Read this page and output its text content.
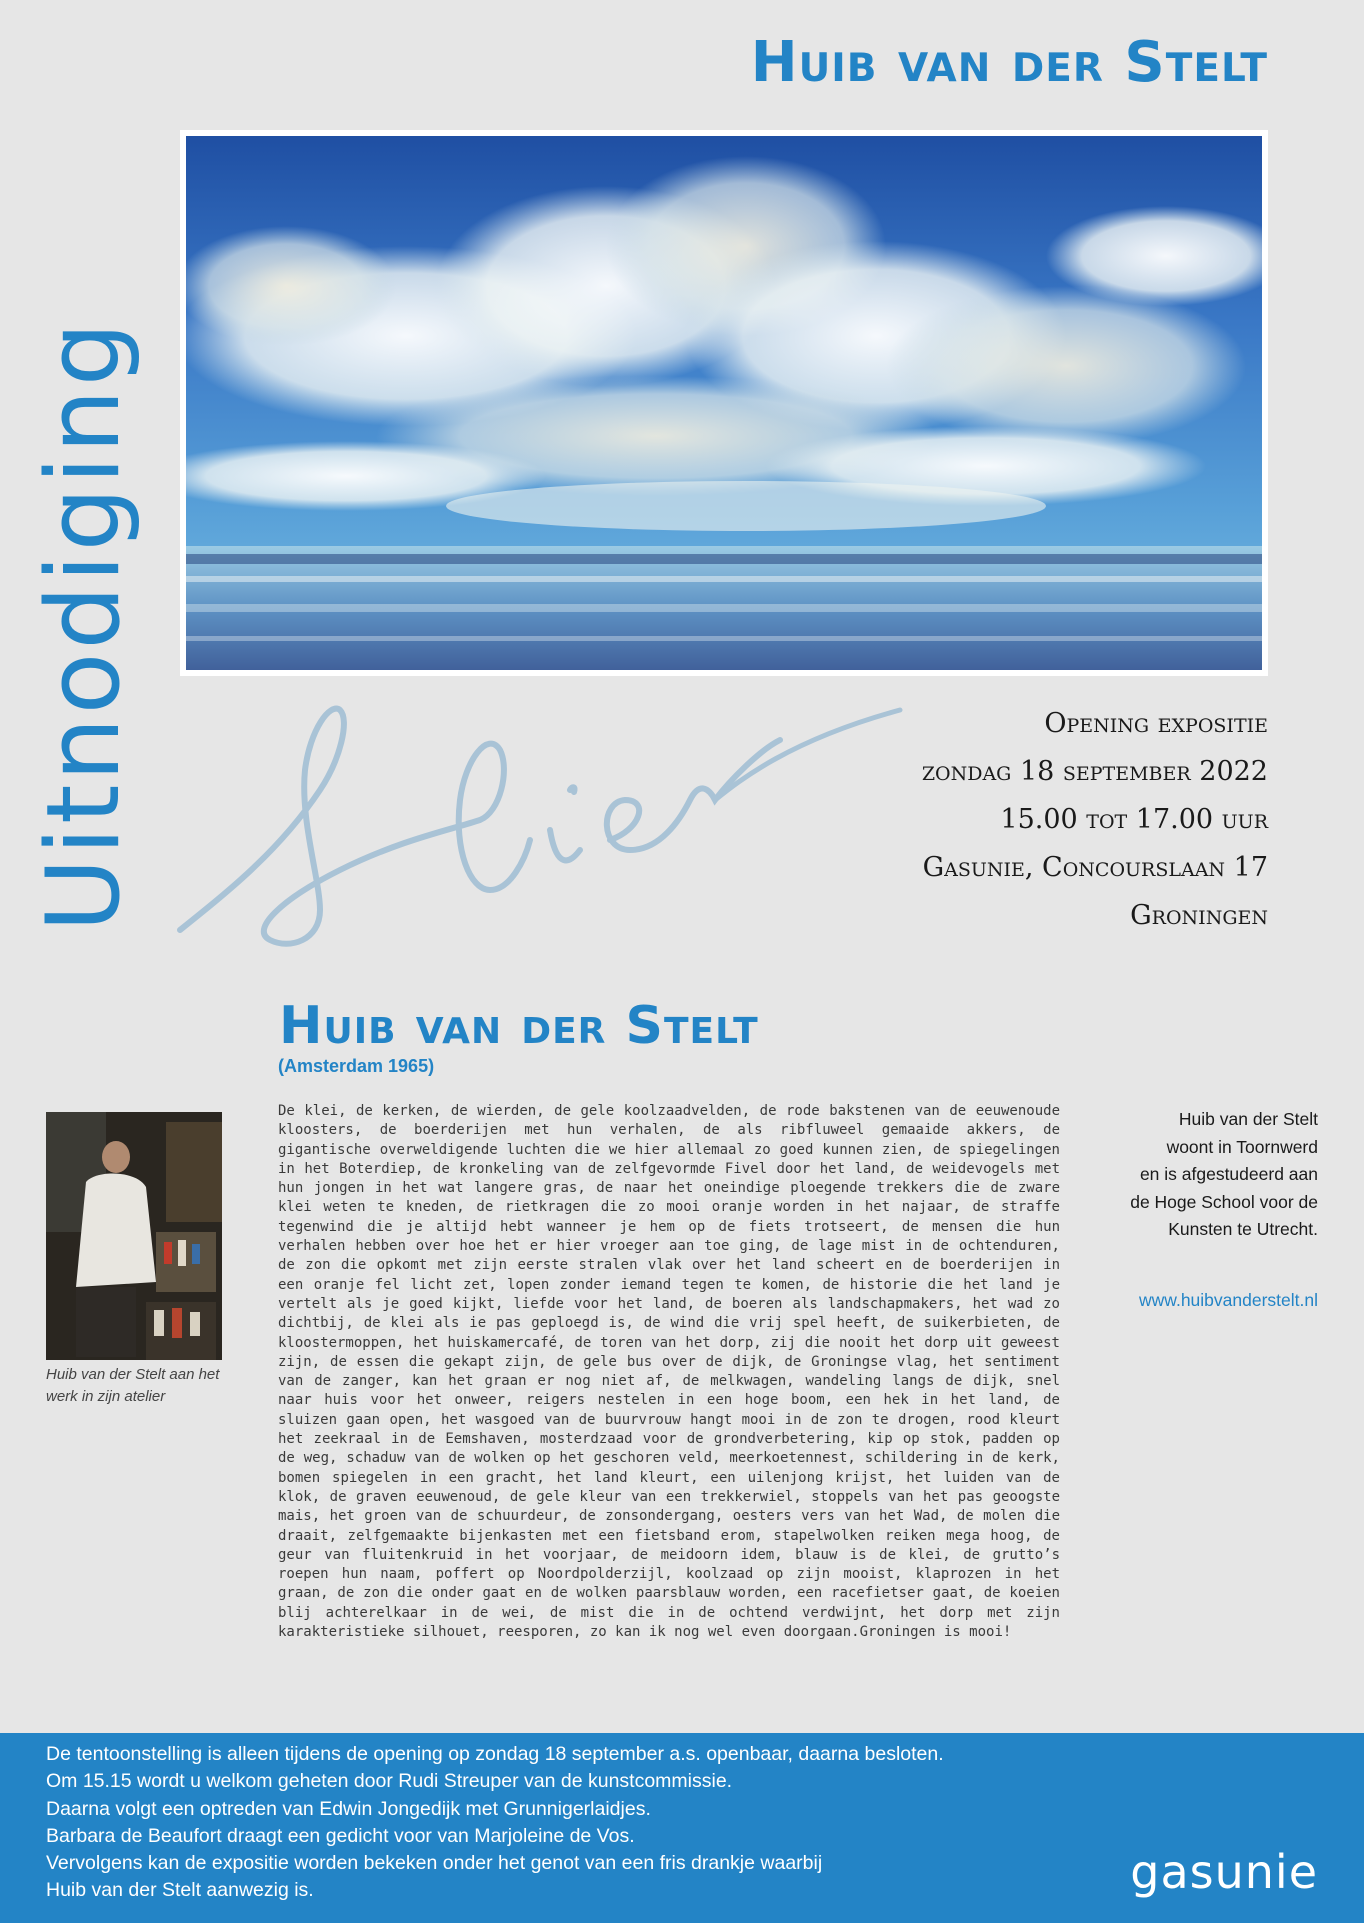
Uitnodiging
Huib van der Stelt
Opening expositie
zondag 18 september 2022
15.00 tot 17.00 uur
Gasunie, Concourslaan 17
Groningen
Huib van der Stelt
(Amsterdam 1965)
Huib van der Stelt aan het werk in zijn atelier
De klei, de kerken, de wierden, de gele koolzaadvelden, de rode bakstenen van de eeuwenoude kloosters, de boerderijen met hun verhalen, de als ribfluweel gemaaide akkers, de gigantische overweldigende luchten die we hier allemaal zo goed kunnen zien, de spiegelingen in het Boterdiep, de kronkeling van de zelfgevormde Fivel door het land, de weidevogels met hun jongen in het wat langere gras, de naar het oneindige ploegende trekkers die de zware klei weten te kneden, de rietkragen die zo mooi oranje worden in het najaar, de straffe tegenwind die je altijd hebt wanneer je hem op de fiets trotseert, de mensen die hun verhalen hebben over hoe het er hier vroeger aan toe ging, de lage mist in de ochtenduren, de zon die opkomt met zijn eerste stralen vlak over het land scheert en de boerderijen in een oranje fel licht zet, lopen zonder iemand tegen te komen, de historie die het land je vertelt als je goed kijkt, liefde voor het land, de boeren als landschapmakers, het wad zo dichtbij, de klei als ie pas geploegd is, de wind die vrij spel heeft, de suikerbieten, de kloostermoppen, het huiskamercafé, de toren van het dorp, zij die nooit het dorp uit geweest zijn, de essen die gekapt zijn, de gele bus over de dijk, de Groningse vlag, het sentiment van de zanger, kan het graan er nog niet af, de melkwagen, wandeling langs de dijk, snel naar huis voor het onweer, reigers nestelen in een hoge boom, een hek in het land, de sluizen gaan open, het wasgoed van de buurvrouw hangt mooi in de zon te drogen, rood kleurt het zeekraal in de Eemshaven, mosterdzaad voor de grondverbetering, kip op stok, padden op de weg, schaduw van de wolken op het geschoren veld, meerkoetennest, schildering in de kerk, bomen spiegelen in een gracht, het land kleurt, een uilenjong krijst, het luiden van de klok, de graven eeuwenoud, de gele kleur van een trekkerwiel, stoppels van het pas geoogste mais, het groen van de schuurdeur, de zonsondergang, oesters vers van het Wad, de molen die draait, zelfgemaakte bijenkasten met een fietsband erom, stapelwolken reiken mega hoog, de geur van fluitenkruid in het voorjaar, de meidoorn idem, blauw is de klei, de grutto’s roepen hun naam, poffert op Noordpolderzijl, koolzaad op zijn mooist, klaprozen in het graan, de zon die onder gaat en de wolken paarsblauw worden, een racefietser gaat, de koeien blij achterelkaar in de wei, de mist die in de ochtend verdwijnt, het dorp met zijn karakteristieke silhouet, reesporen, zo kan ik nog wel even doorgaan.Groningen is mooi!
Huib van der Stelt
woont in Toornwerd
en is afgestudeerd aan
de Hoge School voor de
Kunsten te Utrecht.
www.huibvanderstelt.nl
De tentoonstelling is alleen tijdens de opening op zondag 18 september a.s. openbaar, daarna besloten.
Om 15.15 wordt u welkom geheten door Rudi Streuper van de kunstcommissie.
Daarna volgt een optreden van Edwin Jongedijk met Grunnigerlaidjes.
Barbara de Beaufort draagt een gedicht voor van Marjoleine de Vos.
Vervolgens kan de expositie worden bekeken onder het genot van een fris drankje waarbij
Huib van der Stelt aanwezig is.	gasunie
